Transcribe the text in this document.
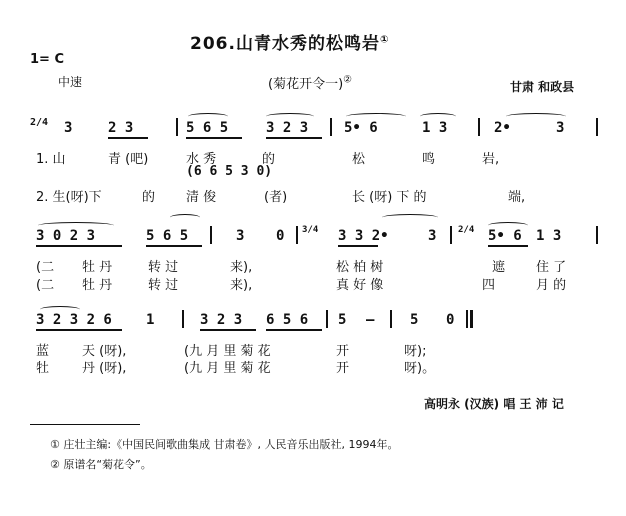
206.山青水秀的松鸣岩①
1= C
中速	(菊花开令一)②	甘肃 和政县
2/4 3	2 3	5 6 5	3 2 3	5• 6	1 3	2•	3
1. 山	青 (吧)	水 秀	的	松	鸣	岩,
(6 6 5 3 0)
2. 生(呀)下	的 清 俊	(者)	长 (呀) 下 的	端,
3 0 2 3	5 6 5	3 0 3/4 3 3 2•	3 2/4 5• 6 1 3
(二 牡 丹	转 过	来),	松 柏 树	遮 住 了
(二 牡 丹	转 过	来),	真 好 像	四	月 的
3 2 3 2 6 1	3 2 3 6 5 6 5 —	5 0
蓝	天 (呀),	(九 月 里 菊 花	开	呀);
牡	丹 (呀),	(九 月 里 菊 花	开	呀)。
高明永 (汉族) 唱 王 沛 记
① 庄壮主编:《中国民间歌曲集成 甘肃卷》, 人民音乐出版社, 1994年。
② 原谱名“菊花令”。
